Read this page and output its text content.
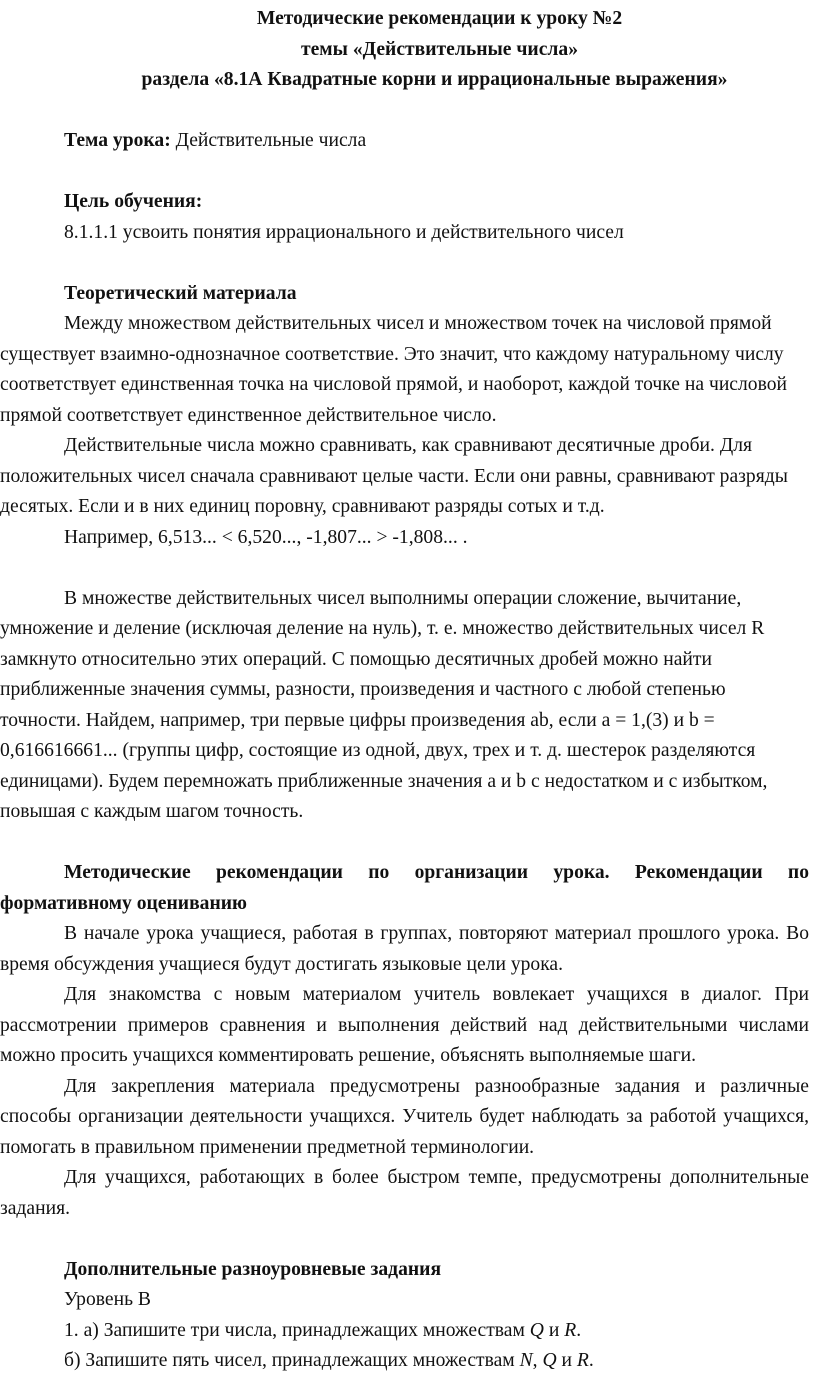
Методические рекомендации к уроку №2

темы «Действительные числа»

раздела «8.1А Квадратные корни и иррациональные выражения»

Тема урока: Действительные числа

Цель обучения:

8.1.1.1 усвоить понятия иррационального и действительного чисел

Теоретический материала

Между множеством действительных чисел и множеством точек на числовой прямой существует взаимно-однозначное соответствие. Это значит, что каждому натуральному числу соответствует единственная точка на числовой прямой, и наоборот, каждой точке на числовой прямой соответствует единственное действительное число.

Действительные числа можно сравнивать, как сравнивают десятичные дроби. Для положительных чисел сначала сравнивают целые части. Если они равны, сравнивают разряды десятых. Если и в них единиц поровну, сравнивают разряды сотых и т.д.

Например, 6,513... < 6,520..., -1,807... > -1,808... .

В множестве действительных чисел выполнимы операции сложение, вычитание, умножение и деление (исключая деление на нуль), т. е. множество действительных чисел R замкнуто относительно этих операций. С помощью десятичных дробей можно найти приближенные значения суммы, разности, произведения и частного с любой степенью точности. Найдем, например, три первые цифры произведения ab, если a = 1,(3) и b = 0,616616661... (группы цифр, состоящие из одной, двух, трех и т. д. шестерок разделяются единицами). Будем перемножать приближенные значения a и b с недостатком и с избытком, повышая с каждым шагом точность.

Методические рекомендации по организации урока. Рекомендации по формативному оцениванию

В начале урока учащиеся, работая в группах, повторяют материал прошлого урока. Во время обсуждения учащиеся будут достигать языковые цели урока.

Для знакомства с новым материалом учитель вовлекает учащихся в диалог. При рассмотрении примеров сравнения и выполнения действий над действительными числами можно просить учащихся комментировать решение, объяснять выполняемые шаги.

Для закрепления материала предусмотрены разнообразные задания и различные способы организации деятельности учащихся. Учитель будет наблюдать за работой учащихся, помогать в правильном применении предметной терминологии.

Для учащихся, работающих в более быстром темпе, предусмотрены дополнительные задания.

Дополнительные разноуровневые задания

Уровень В

1. а) Запишите три числа, принадлежащих множествам Q и R.

б) Запишите пять чисел, принадлежащих множествам N, Q и R.
